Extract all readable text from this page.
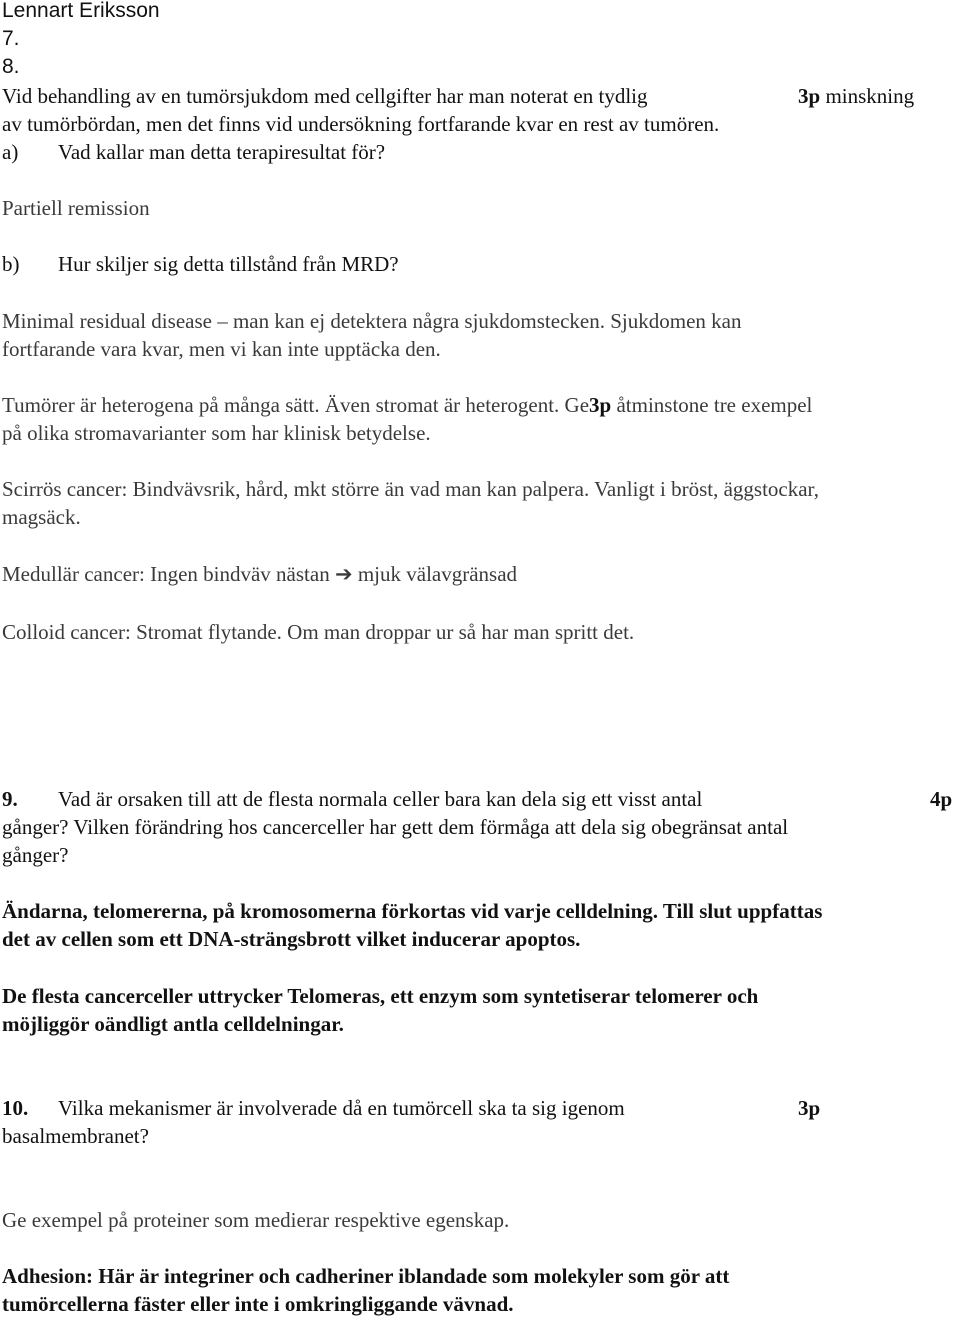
Lennart Eriksson
7.
8.
Vid behandling av en tumörsjukdom med cellgifter har man noterat en tydlig	3p minskning
av tumörbördan, men det finns vid undersökning fortfarande kvar en rest av tumören.
a) Vad kallar man detta terapiresultat för?
Partiell remission
b) Hur skiljer sig detta tillstånd från MRD?
Minimal residual disease – man kan ej detektera några sjukdomstecken. Sjukdomen kan
fortfarande vara kvar, men vi kan inte upptäcka den.
Tumörer är heterogena på många sätt. Även stromat är heterogent. Ge3p åtminstone tre exempel
på olika stromavarianter som har klinisk betydelse.
Scirrös cancer: Bindvävsrik, hård, mkt större än vad man kan palpera. Vanligt i bröst, äggstockar,
magsäck.
Medullär cancer: Ingen bindväv nästan ➔ mjuk välavgränsad
Colloid cancer: Stromat flytande. Om man droppar ur så har man spritt det.
9. Vad är orsaken till att de flesta normala celler bara kan dela sig ett visst antal	4p
gånger? Vilken förändring hos cancerceller har gett dem förmåga att dela sig obegränsat antal
gånger?
Ändarna, telomererna, på kromosomerna förkortas vid varje celldelning. Till slut uppfattas
det av cellen som ett DNA-strängsbrott vilket inducerar apoptos.
De flesta cancerceller uttrycker Telomeras, ett enzym som syntetiserar telomerer och
möjliggör oändligt antla celldelningar.
10. Vilka mekanismer är involverade då en tumörcell ska ta sig igenom	3p
basalmembranet?
Ge exempel på proteiner som medierar respektive egenskap.
Adhesion: Här är integriner och cadheriner iblandade som molekyler som gör att
tumörcellerna fäster eller inte i omkringliggande vävnad.
